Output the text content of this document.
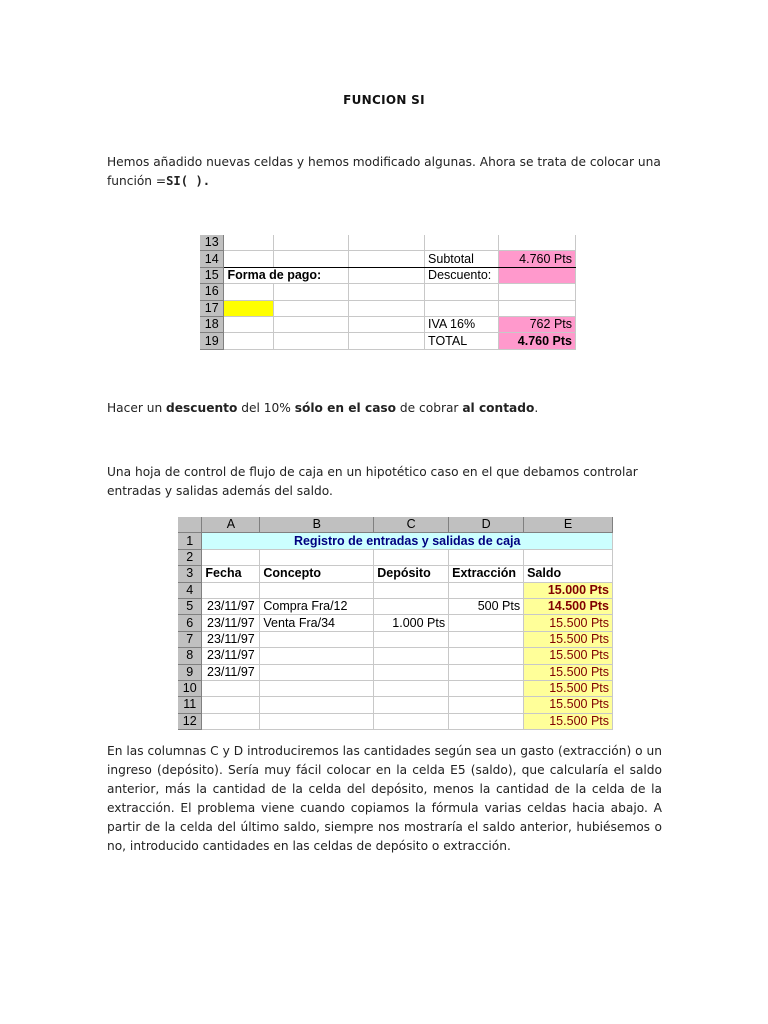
FUNCION SI
Hemos añadido nuevas celdas y hemos modificado algunas. Ahora se trata de colocar una función =SI( ).
13					
14				Subtotal	4.760 Pts
15	Forma de pago:			Descuento:	
16					
17					
18				IVA 16%	762 Pts
19				TOTAL	4.760 Pts
Hacer un descuento del 10% sólo en el caso de cobrar al contado.
Una hoja de control de flujo de caja en un hipotético caso en el que debamos controlar entradas y salidas además del saldo.
	A	B	C	D	E
1	Registro de entradas y salidas de caja				
2					
3	Fecha	Concepto	Depósito	Extracción	Saldo
4					15.000 Pts
5	23/11/97	Compra Fra/12		500 Pts	14.500 Pts
6	23/11/97	Venta Fra/34	1.000 Pts		15.500 Pts
7	23/11/97				15.500 Pts
8	23/11/97				15.500 Pts
9	23/11/97				15.500 Pts
10					15.500 Pts
11					15.500 Pts
12					15.500 Pts
En las columnas C y D introduciremos las cantidades según sea un gasto (extracción) o un ingreso (depósito). Sería muy fácil colocar en la celda E5 (saldo), que calcularía el saldo anterior, más la cantidad de la celda del depósito, menos la cantidad de la celda de la extracción. El problema viene cuando copiamos la fórmula varias celdas hacia abajo. A partir de la celda del último saldo, siempre nos mostraría el saldo anterior, hubiésemos o no, introducido cantidades en las celdas de depósito o extracción.
